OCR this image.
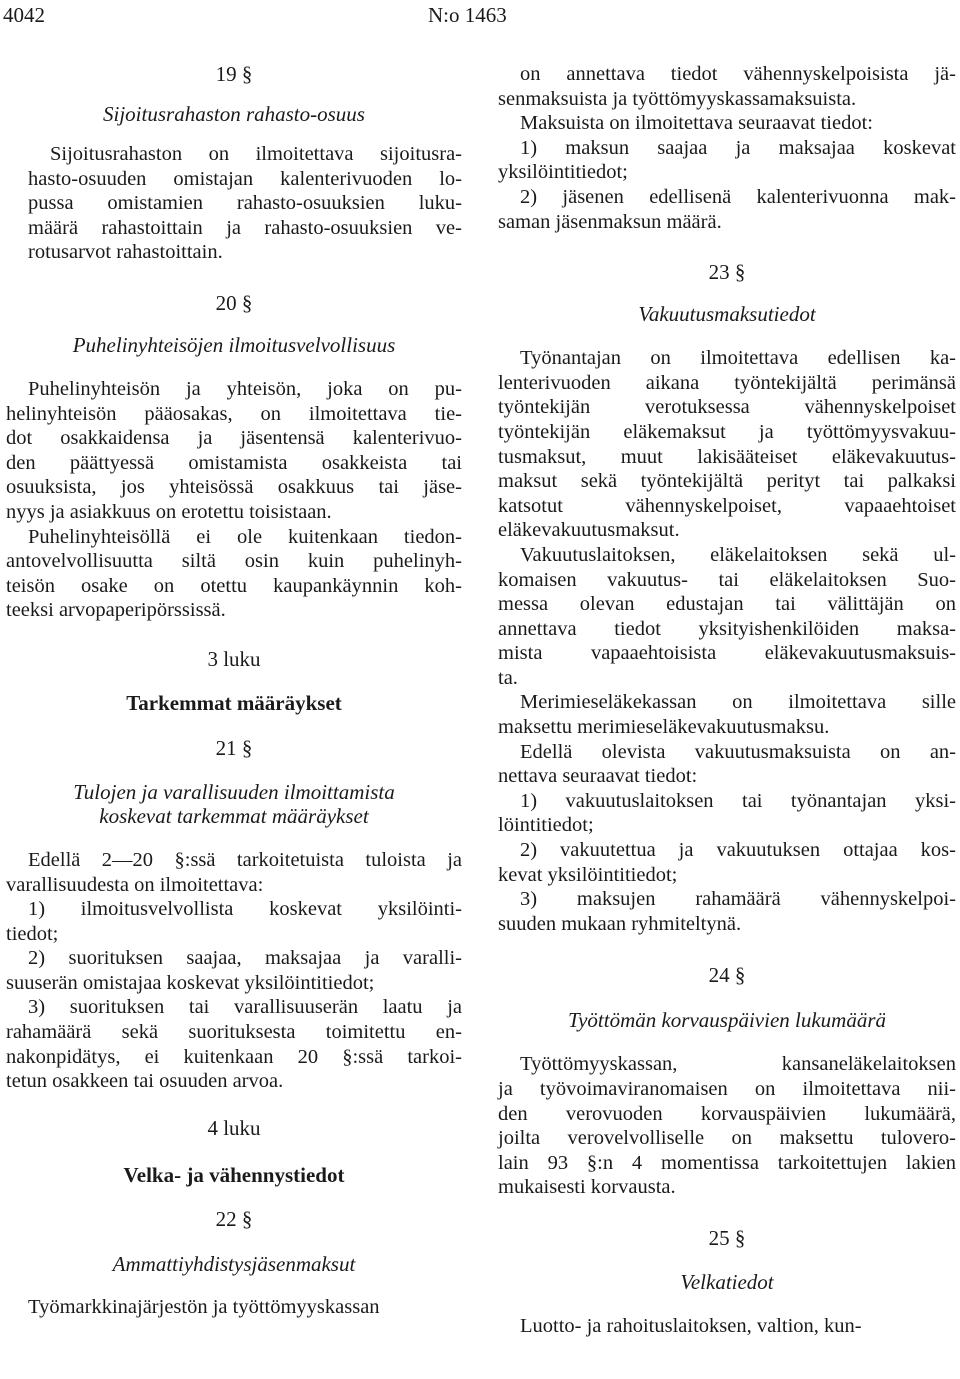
4042	N:o 1463

19 §

Sijoitusrahaston rahasto-osuus

Sijoitusrahaston on ilmoitettava sijoitusra-
hasto-osuuden omistajan kalenterivuoden lo-
pussa omistamien rahasto-osuuksien luku-
määrä rahastoittain ja rahasto-osuuksien ve-
rotusarvot rahastoittain.

20 §

Puhelinyhteisöjen ilmoitusvelvollisuus

Puhelinyhteisön ja yhteisön, joka on pu-
helinyhteisön pääosakas, on ilmoitettava tie-
dot osakkaidensa ja jäsentensä kalenterivuo-
den päättyessä omistamista osakkeista tai
osuuksista, jos yhteisössä osakkuus tai jäse-
nyys ja asiakkuus on erotettu toisistaan.
Puhelinyhteisöllä ei ole kuitenkaan tiedon-
antovelvollisuutta siltä osin kuin puhelinyh-
teisön osake on otettu kaupankäynnin koh-
teeksi arvopaperipörssissä.

3 luku

Tarkemmat määräykset

21 §

Tulojen ja varallisuuden ilmoittamista

koskevat tarkemmat määräykset

Edellä 2—20 §:ssä tarkoitetuista tuloista ja
varallisuudesta on ilmoitettava:
1) ilmoitusvelvollista koskevat yksilöinti-
tiedot;
2) suorituksen saajaa, maksajaa ja varalli-
suuserän omistajaa koskevat yksilöintitiedot;
3) suorituksen tai varallisuuserän laatu ja
rahamäärä sekä suorituksesta toimitettu en-
nakonpidätys, ei kuitenkaan 20 §:ssä tarkoi-
tetun osakkeen tai osuuden arvoa.

4 luku

Velka- ja vähennystiedot

22 §

Ammattiyhdistysjäsenmaksut

Työmarkkinajärjestön ja työttömyyskassan
on annettava tiedot vähennyskelpoisista jä-
senmaksuista ja työttömyyskassamaksuista.
Maksuista on ilmoitettava seuraavat tiedot:
1) maksun saajaa ja maksajaa koskevat
yksilöintitiedot;
2) jäsenen edellisenä kalenterivuonna mak-
saman jäsenmaksun määrä.

23 §

Vakuutusmaksutiedot

Työnantajan on ilmoitettava edellisen ka-
lenterivuoden aikana työntekijältä perimänsä
työntekijän verotuksessa vähennyskelpoiset
työntekijän eläkemaksut ja työttömyysvakuu-
tusmaksut, muut lakisääteiset eläkevakuutus-
maksut sekä työntekijältä perityt tai palkaksi
katsotut vähennyskelpoiset, vapaaehtoiset
eläkevakuutusmaksut.
Vakuutuslaitoksen, eläkelaitoksen sekä ul-
komaisen vakuutus- tai eläkelaitoksen Suo-
messa olevan edustajan tai välittäjän on
annettava tiedot yksityishenkilöiden maksa-
mista vapaaehtoisista eläkevakuutusmaksuis-
ta.
Merimieseläkekassan on ilmoitettava sille
maksettu merimieseläkevakuutusmaksu.
Edellä olevista vakuutusmaksuista on an-
nettava seuraavat tiedot:
1) vakuutuslaitoksen tai työnantajan yksi-
löintitiedot;
2) vakuutettua ja vakuutuksen ottajaa kos-
kevat yksilöintitiedot;
3) maksujen rahamäärä vähennyskelpoi-
suuden mukaan ryhmiteltynä.

24 §

Työttömän korvauspäivien lukumäärä

Työttömyyskassan, kansaneläkelaitoksen
ja työvoimaviranomaisen on ilmoitettava nii-
den verovuoden korvauspäivien lukumäärä,
joilta verovelvolliselle on maksettu tulovero-
lain 93 §:n 4 momentissa tarkoitettujen lakien
mukaisesti korvausta.

25 §

Velkatiedot

Luotto- ja rahoituslaitoksen, valtion, kun-
